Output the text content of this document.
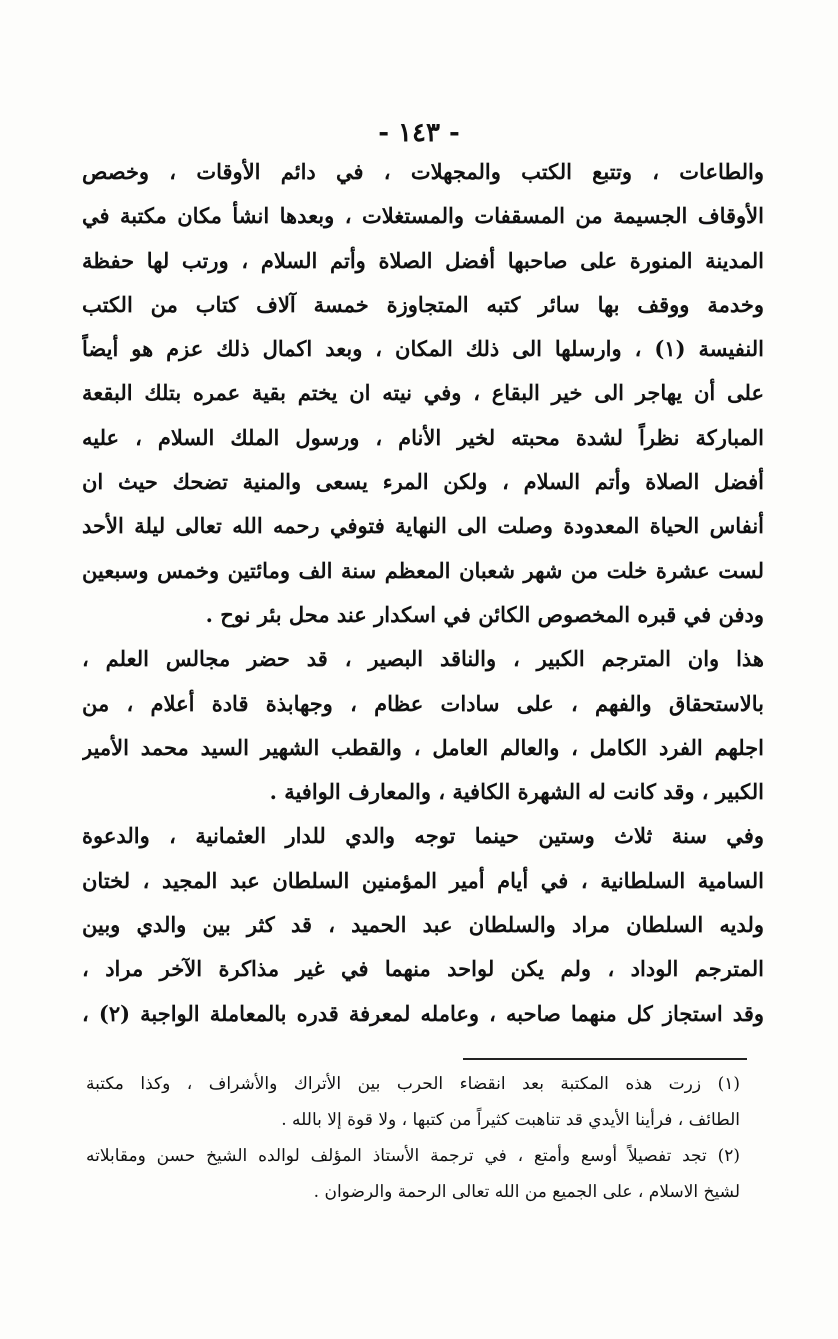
- ١٤٣ -
والطاعات ، وتتبع الكتب والمجهلات ، في دائم الأوقات ، وخصص
الأوقاف الجسيمة من المسقفات والمستغلات ، وبعدها انشأ مكان مكتبة في
المدينة المنورة على صاحبها أفضل الصلاة وأتم السلام ، ورتب لها حفظة
وخدمة ووقف بها سائر كتبه المتجاوزة خمسة آلاف كتاب من الكتب
النفيسة (١) ، وارسلها الى ذلك المكان ، وبعد اكمال ذلك عزم هو أيضاً
على أن يهاجر الى خير البقاع ، وفي نيته ان يختم بقية عمره بتلك البقعة
المباركة نظراً لشدة محبته لخير الأنام ، ورسول الملك السلام ، عليه
أفضل الصلاة وأتم السلام ، ولكن المرء يسعى والمنية تضحك حيث ان
أنفاس الحياة المعدودة وصلت الى النهاية فتوفي رحمه الله تعالى ليلة الأحد
لست عشرة خلت من شهر شعبان المعظم سنة الف ومائتين وخمس وسبعين
ودفن في قبره المخصوص الكائن في اسكدار عند محل بئر نوح .
هذا وان المترجم الكبير ، والناقد البصير ، قد حضر مجالس العلم ،
بالاستحقاق والفهم ، على سادات عظام ، وجهابذة قادة أعلام ، من
اجلهم الفرد الكامل ، والعالم العامل ، والقطب الشهير السيد محمد الأمير
الكبير ، وقد كانت له الشهرة الكافية ، والمعارف الوافية .
وفي سنة ثلاث وستين حينما توجه والدي للدار العثمانية ، والدعوة
السامية السلطانية ، في أيام أمير المؤمنين السلطان عبد المجيد ، لختان
ولديه السلطان مراد والسلطان عبد الحميد ، قد كثر بين والدي وبين
المترجم الوداد ، ولم يكن لواحد منهما في غير مذاكرة الآخر مراد ،
وقد استجاز كل منهما صاحبه ، وعامله لمعرفة قدره بالمعاملة الواجبة (٢) ،
(١) زرت هذه المكتبة بعد انقضاء الحرب بين الأتراك والأشراف ، وكذا مكتبة
الطائف ، فرأينا الأيدي قد تناهبت كثيراً من كتبها ، ولا قوة إلا بالله .
(٢) تجد تفصيلاً أوسع وأمتع ، في ترجمة الأستاذ المؤلف لوالده الشيخ حسن ومقابلاته
لشيخ الاسلام ، على الجميع من الله تعالى الرحمة والرضوان .
